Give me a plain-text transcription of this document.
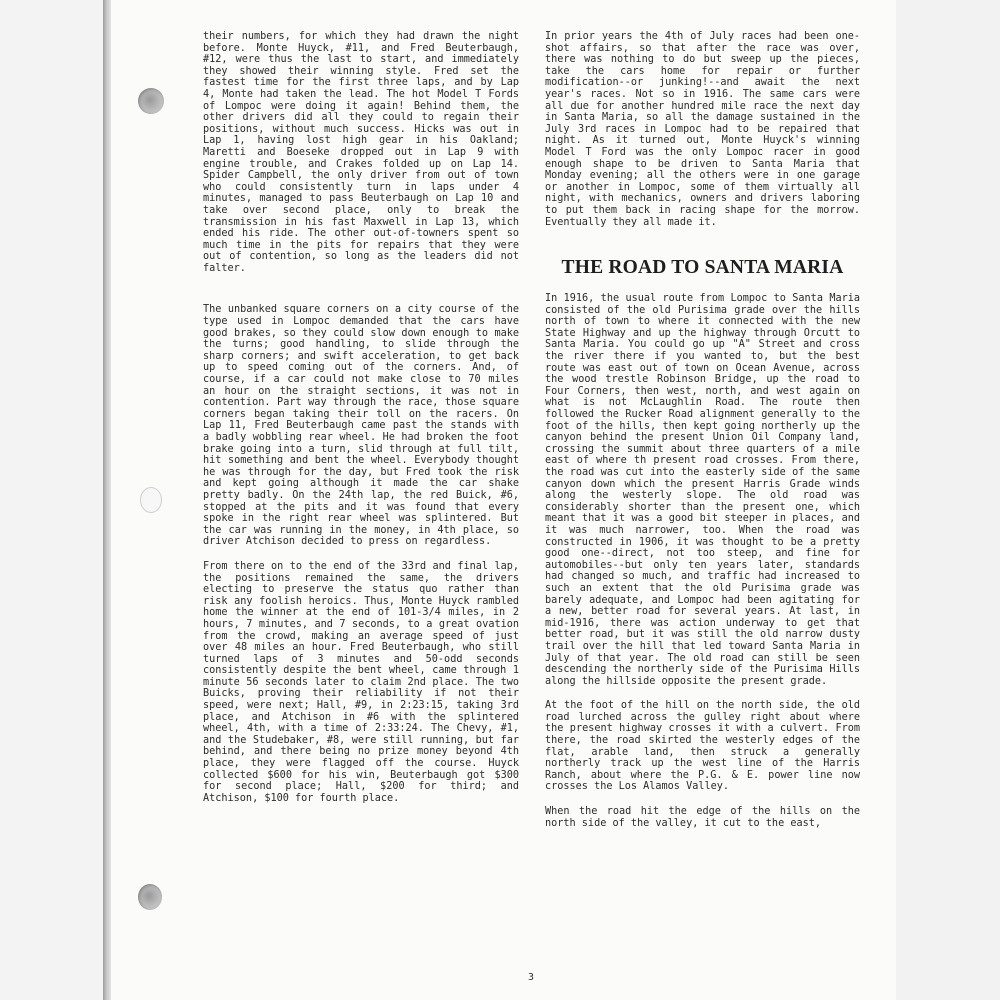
their numbers, for which they had drawn the night before. Monte Huyck, #11, and Fred Beuterbaugh, #12, were thus the last to start, and immediately they showed their winning style. Fred set the fastest time for the first three laps, and by Lap 4, Monte had taken the lead. The hot Model T Fords of Lompoc were doing it again! Behind them, the other drivers did all they could to regain their positions, without much success. Hicks was out in Lap 1, having lost high gear in his Oakland; Maretti and Boeseke dropped out in Lap 9 with engine trouble, and Crakes folded up on Lap 14. Spider Campbell, the only driver from out of town who could consistently turn in laps under 4 minutes, managed to pass Beuterbaugh on Lap 10 and take over second place, only to break the transmission in his fast Maxwell in Lap 13, which ended his ride. The other out-of-towners spent so much time in the pits for repairs that they were out of contention, so long as the leaders did not falter.

The unbanked square corners on a city course of the type used in Lompoc demanded that the cars have good brakes, so they could slow down enough to make the turns; good handling, to slide through the sharp corners; and swift acceleration, to get back up to speed coming out of the corners. And, of course, if a car could not make close to 70 miles an hour on the straight sections, it was not in contention. Part way through the race, those square corners began taking their toll on the racers. On Lap 11, Fred Beuterbaugh came past the stands with a badly wobbling rear wheel. He had broken the foot brake going into a turn, slid through at full tilt, hit something and bent the wheel. Everybody thought he was through for the day, but Fred took the risk and kept going although it made the car shake pretty badly. On the 24th lap, the red Buick, #6, stopped at the pits and it was found that every spoke in the right rear wheel was splintered. But the car was running in the money, in 4th place, so driver Atchison decided to press on regardless.

From there on to the end of the 33rd and final lap, the positions remained the same, the drivers electing to preserve the status quo rather than risk any foolish heroics. Thus, Monte Huyck rambled home the winner at the end of 101-3/4 miles, in 2 hours, 7 minutes, and 7 seconds, to a great ovation from the crowd, making an average speed of just over 48 miles an hour. Fred Beuterbaugh, who still turned laps of 3 minutes and 50-odd seconds consistently despite the bent wheel, came through 1 minute 56 seconds later to claim 2nd place. The two Buicks, proving their reliability if not their speed, were next; Hall, #9, in 2:23:15, taking 3rd place, and Atchison in #6 with the splintered wheel, 4th, with a time of 2:33:24. The Chevy, #1, and the Studebaker, #8, were still running, but far behind, and there being no prize money beyond 4th place, they were flagged off the course. Huyck collected $600 for his win, Beuterbaugh got $300 for second place; Hall, $200 for third; and Atchison, $100 for fourth place.

In prior years the 4th of July races had been one-shot affairs, so that after the race was over, there was nothing to do but sweep up the pieces, take the cars home for repair or further modification--or junking!--and await the next year's races. Not so in 1916. The same cars were all due for another hundred mile race the next day in Santa Maria, so all the damage sustained in the July 3rd races in Lompoc had to be repaired that night. As it turned out, Monte Huyck's winning Model T Ford was the only Lompoc racer in good enough shape to be driven to Santa Maria that Monday evening; all the others were in one garage or another in Lompoc, some of them virtually all night, with mechanics, owners and drivers laboring to put them back in racing shape for the morrow. Eventually they all made it.

THE ROAD TO SANTA MARIA

In 1916, the usual route from Lompoc to Santa Maria consisted of the old Purisima grade over the hills north of town to where it connected with the new State Highway and up the highway through Orcutt to Santa Maria. You could go up "A" Street and cross the river there if you wanted to, but the best route was east out of town on Ocean Avenue, across the wood trestle Robinson Bridge, up the road to Four Corners, then west, north, and west again on what is not McLaughlin Road. The route then followed the Rucker Road alignment generally to the foot of the hills, then kept going northerly up the canyon behind the present Union Oil Company land, crossing the summit about three quarters of a mile east of where th present road crosses. From there, the road was cut into the easterly side of the same canyon down which the present Harris Grade winds along the westerly slope. The old road was considerably shorter than the present one, which meant that it was a good bit steeper in places, and it was much narrower, too. When the road was constructed in 1906, it was thought to be a pretty good one--direct, not too steep, and fine for automobiles--but only ten years later, standards had changed so much, and traffic had increased to such an extent that the old Purisima grade was barely adequate, and Lompoc had been agitating for a new, better road for several years. At last, in mid-1916, there was action underway to get that better road, but it was still the old narrow dusty trail over the hill that led toward Santa Maria in July of that year. The old road can still be seen descending the northerly side of the Purisima Hills along the hillside opposite the present grade.

At the foot of the hill on the north side, the old road lurched across the gulley right about where the present highway crosses it with a culvert. From there, the road skirted the westerly edges of the flat, arable land, then struck a generally northerly track up the west line of the Harris Ranch, about where the P.G. & E. power line now crosses the Los Alamos Valley.

When the road hit the edge of the hills on the north side of the valley, it cut to the east,

3
